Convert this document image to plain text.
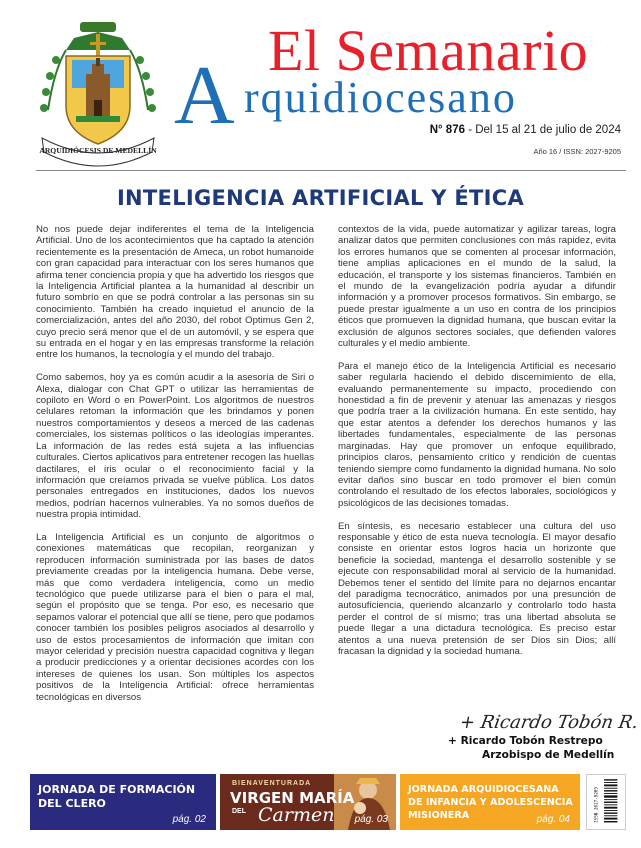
ARQUIDIÓCESIS DE MEDELLÍN
El Semanario
A rquidiocesano
N° 876 - Del 15 al 21 de julio de 2024
Año 16 / ISSN: 2027-9205
INTELIGENCIA ARTIFICIAL Y ÉTICA

No nos puede dejar indiferentes el tema de la Inteligencia Artificial. Uno de los acontecimientos que ha captado la atención recientemente es la presentación de Ameca, un robot humanoide con gran capacidad para interactuar con los seres humanos que afirma tener conciencia propia y que ha advertido los riesgos que la Inteligencia Artificial plantea a la humanidad al describir un futuro sombrío en que se podrá controlar a las personas sin su conocimiento. También ha creado inquietud el anuncio de la comercialización, antes del año 2030, del robot Optimus Gen 2, cuyo precio será menor que el de un automóvil, y se espera que su entrada en el hogar y en las empresas transforme la relación entre los humanos, la tecnología y el mundo del trabajo.

Como sabemos, hoy ya es común acudir a la asesoría de Siri o Alexa, dialogar con Chat GPT o utilizar las herramientas de copiloto en Word o en PowerPoint. Los algoritmos de nuestros celulares retoman la información que les brindamos y ponen nuestros comportamientos y deseos a merced de las cadenas comerciales, los sistemas políticos o las ideologías imperantes. La información de las redes está sujeta a las influencias culturales. Ciertos aplicativos para entretener recogen las huellas dactilares, el iris ocular o el reconocimiento facial y la información que creíamos privada se vuelve pública. Los datos personales entregados en instituciones, dados los nuevos medios, podrían hacernos vulnerables. Ya no somos dueños de nuestra propia intimidad.

La Inteligencia Artificial es un conjunto de algoritmos o conexiones matemáticas que recopilan, reorganizan y reproducen información suministrada por las bases de datos previamente creadas por la inteligencia humana. Debe verse, más que como verdadera inteligencia, como un medio tecnológico que puede utilizarse para el bien o para el mal, según el propósito que se tenga. Por eso, es necesario que sepamos valorar el potencial que allí se tiene, pero que podamos conocer también los posibles peligros asociados al desarrollo y uso de estos procesamientos de información que imitan con mayor celeridad y precisión nuestra capacidad cognitiva y llegan a producir predicciones y a orientar decisiones acordes con los intereses de quienes los usan. Son múltiples los aspectos positivos de la Inteligencia Artificial: ofrece herramientas tecnológicas en diversos

contextos de la vida, puede automatizar y agilizar tareas, logra analizar datos que permiten conclusiones con más rapidez, evita los errores humanos que se comenten al procesar información, tiene amplias aplicaciones en el mundo de la salud, la educación, el transporte y los sistemas financieros. También en el mundo de la evangelización podría ayudar a difundir información y a promover procesos formativos. Sin embargo, se puede prestar igualmente a un uso en contra de los principios éticos que promueven la dignidad humana, que buscan evitar la exclusión de algunos sectores sociales, que defienden valores culturales y el medio ambiente.

Para el manejo ético de la Inteligencia Artificial es necesario saber regularla haciendo el debido discernimiento de ella, evaluando permanentemente su impacto, procediendo con honestidad a fin de prevenir y atenuar las amenazas y riesgos que podría traer a la civilización humana. En este sentido, hay que estar atentos a defender los derechos humanos y las libertades fundamentales, especialmente de las personas marginadas. Hay que promover un enfoque equilibrado, principios claros, pensamiento crítico y rendición de cuentas teniendo siempre como fundamento la dignidad humana. No solo evitar daños sino buscar en todo promover el bien común controlando el resultado de los efectos laborales, sociológicos y psicológicos de las decisiones tomadas.

En síntesis, es necesario establecer una cultura del uso responsable y ético de esta nueva tecnología. El mayor desafío consiste en orientar estos logros hacia un horizonte que beneficie la sociedad, mantenga el desarrollo sostenible y se ejecute con responsabilidad moral al servicio de la humanidad. Debemos tener el sentido del límite para no dejarnos encantar del paradigma tecnocrático, animados por una presunción de autosuficiencia, queriendo alcanzarlo y controlarlo todo hasta perder el control de sí mismo; tras una libertad absoluta se puede llegar a una dictadura tecnológica. Es preciso estar atentos a una nueva pretensión de ser Dios sin Dios; allí fracasan la dignidad y la sociedad humana.

+ Ricardo Tobón R.
+ Ricardo Tobón Restrepo
Arzobispo de Medellín
JORNADA DE FORMACIÓN DEL CLERO
pág. 02
BIENAVENTURADA
VIRGEN MARÍA
DEL Carmen pág. 03
JORNADA ARQUIDIOCESANA DE INFANCIA Y ADOLESCENCIA MISIONERA	pág. 04	ISSN 2027-9205
